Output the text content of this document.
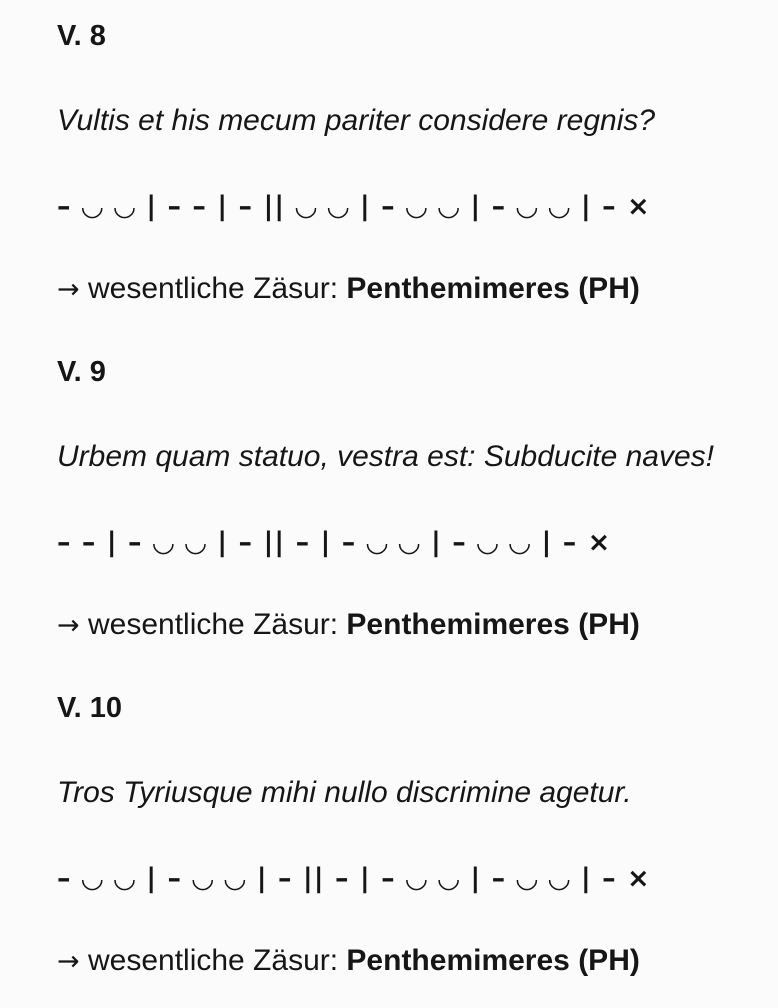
V. 8
Vultis et his mecum pariter considere regnis?
– ◡ ◡ | – – | – || ◡ ◡ | – ◡ ◡ | – ◡ ◡ | – ×
→ wesentliche Zäsur: Penthemimeres (PH)
V. 9
Urbem quam statuo, vestra est: Subducite naves!
– – | – ◡ ◡ | – || – | – ◡ ◡ | – ◡ ◡ | – ×
→ wesentliche Zäsur: Penthemimeres (PH)
V. 10
Tros Tyriusque mihi nullo discrimine agetur.
– ◡ ◡ | – ◡ ◡ | – || – | – ◡ ◡ | – ◡ ◡ | – ×
→ wesentliche Zäsur: Penthemimeres (PH)
